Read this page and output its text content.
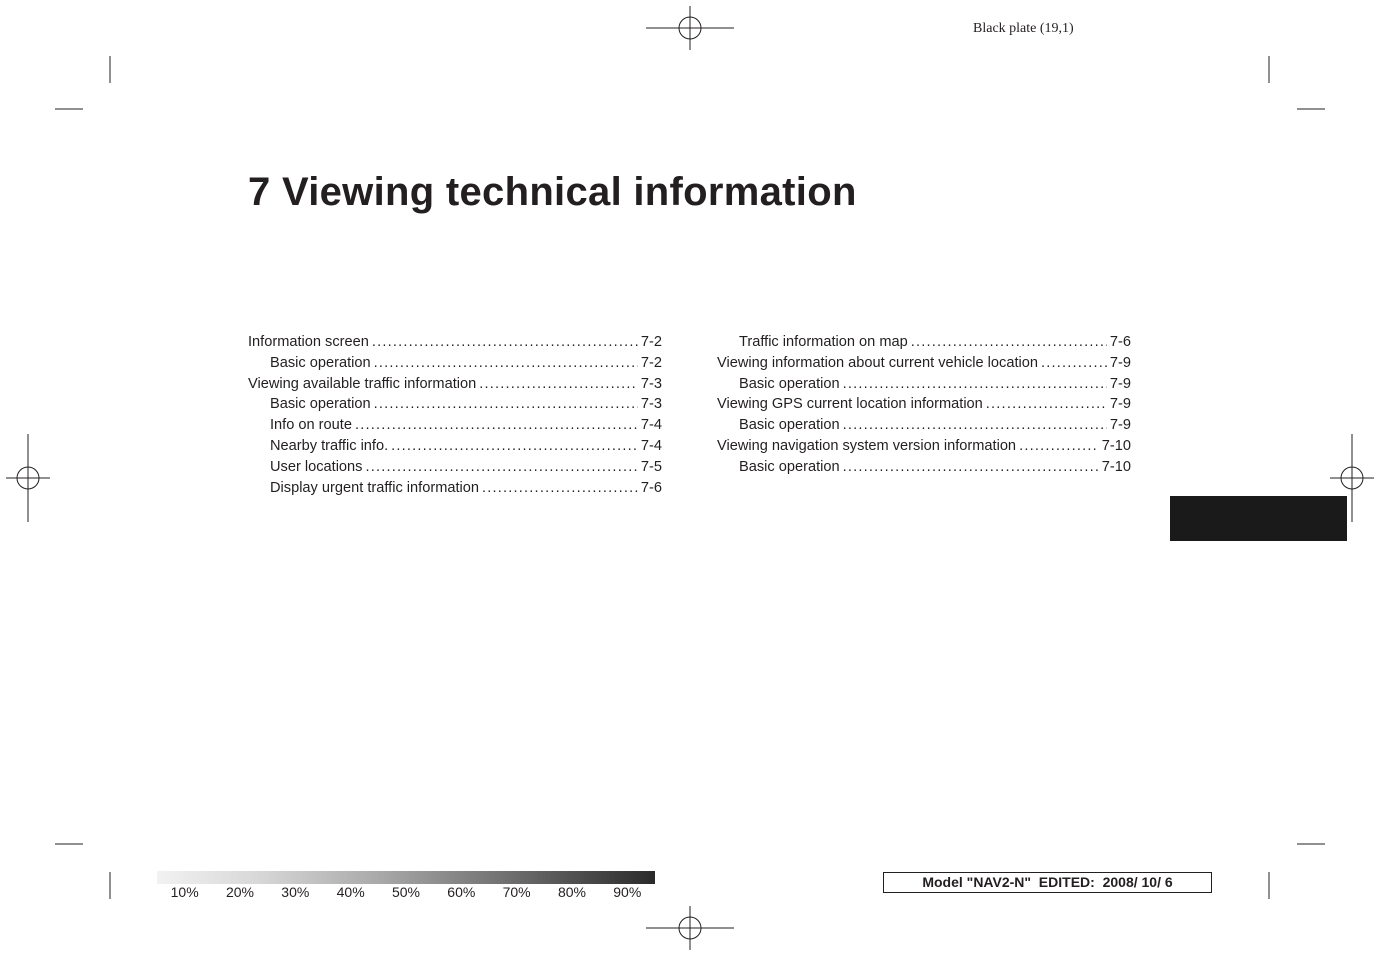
Black plate (19,1)
7 Viewing technical information
Information screen .....	7-2
Basic operation .....	7-2
Viewing available traffic information .....	7-3
Basic operation .....	7-3
Info on route .....	7-4
Nearby traffic info. .....	7-4
User locations .....	7-5
Display urgent traffic information .....	7-6
Traffic information on map .....	7-6
Viewing information about current vehicle location .....	7-9
Basic operation .....	7-9
Viewing GPS current location information .....	7-9
Basic operation .....	7-9
Viewing navigation system version information .....	7-10
Basic operation .....	7-10
10%	20%	30%	40%	50%	60%	70%	80%	90%
Model "NAV2-N"  EDITED:  2008/ 10/ 6
